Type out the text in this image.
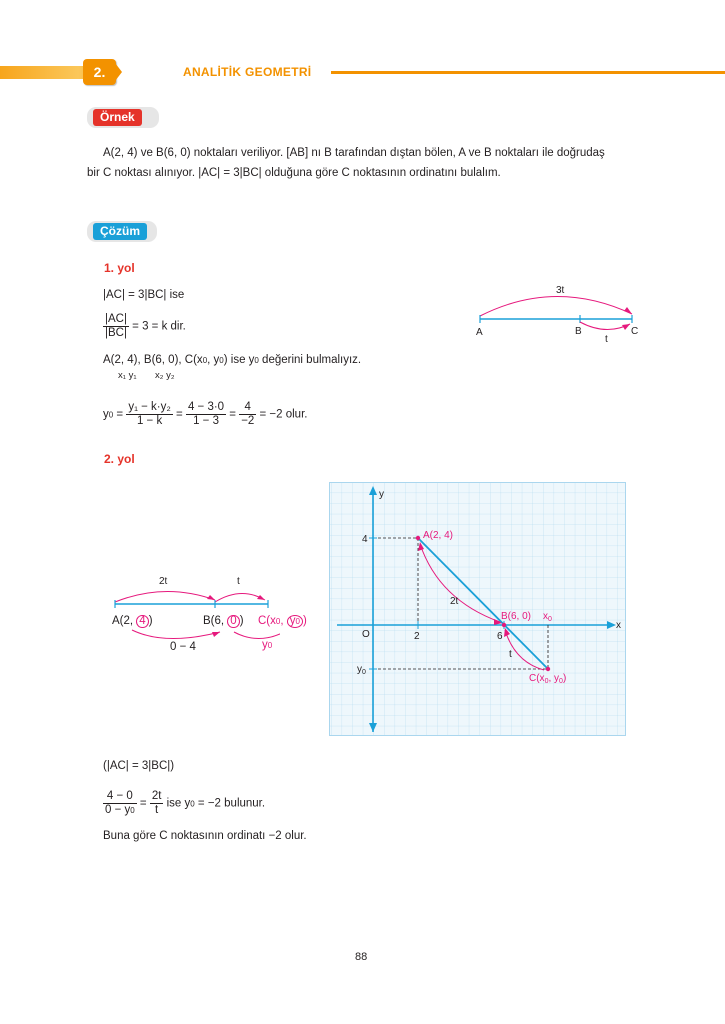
2.	ANALİTİK GEOMETRİ
Örnek
A(2, 4) ve B(6, 0) noktaları veriliyor. [AB] nı B tarafından dıştan bölen, A ve B noktaları ile doğrudaş
bir C noktası alınıyor. |AC| = 3|BC| olduğuna göre C noktasının ordinatını bulalım.
Çözüm
1. yol
|AC| = 3|BC| ise
$\frac{|AC|}{|BC|} = 3 = k$ dir.
A(2, 4), B(6, 0), C(x0, y0) ise y0 değerini bulmalıyız.
x₁ y₁       x₂ y₂
$y0 = \frac{\text{y₁ − k·y₂}}{1 - k} = \frac{4 - 3\cdot 0}{1 - 3} = \frac{4}{-2} = -2$ olur.
3t
A	B	C
t
2. yol
2t	t
A(2, 4 )	B(6, 0 ) C(x0, y0 )
0 − 4	y0
y
x
O
4
2	6
$y_0$
2t
t
A(2, 4)
B(6, 0) $x_0$
$C(x_0$, $y_0$)
(|AC| = 3|BC|)
$\frac{4 - 0}{0 - y0} = \frac{2t}{t}$ ise y0 = −2 bulunur.
Buna göre C noktasının ordinatı −2 olur.
88
